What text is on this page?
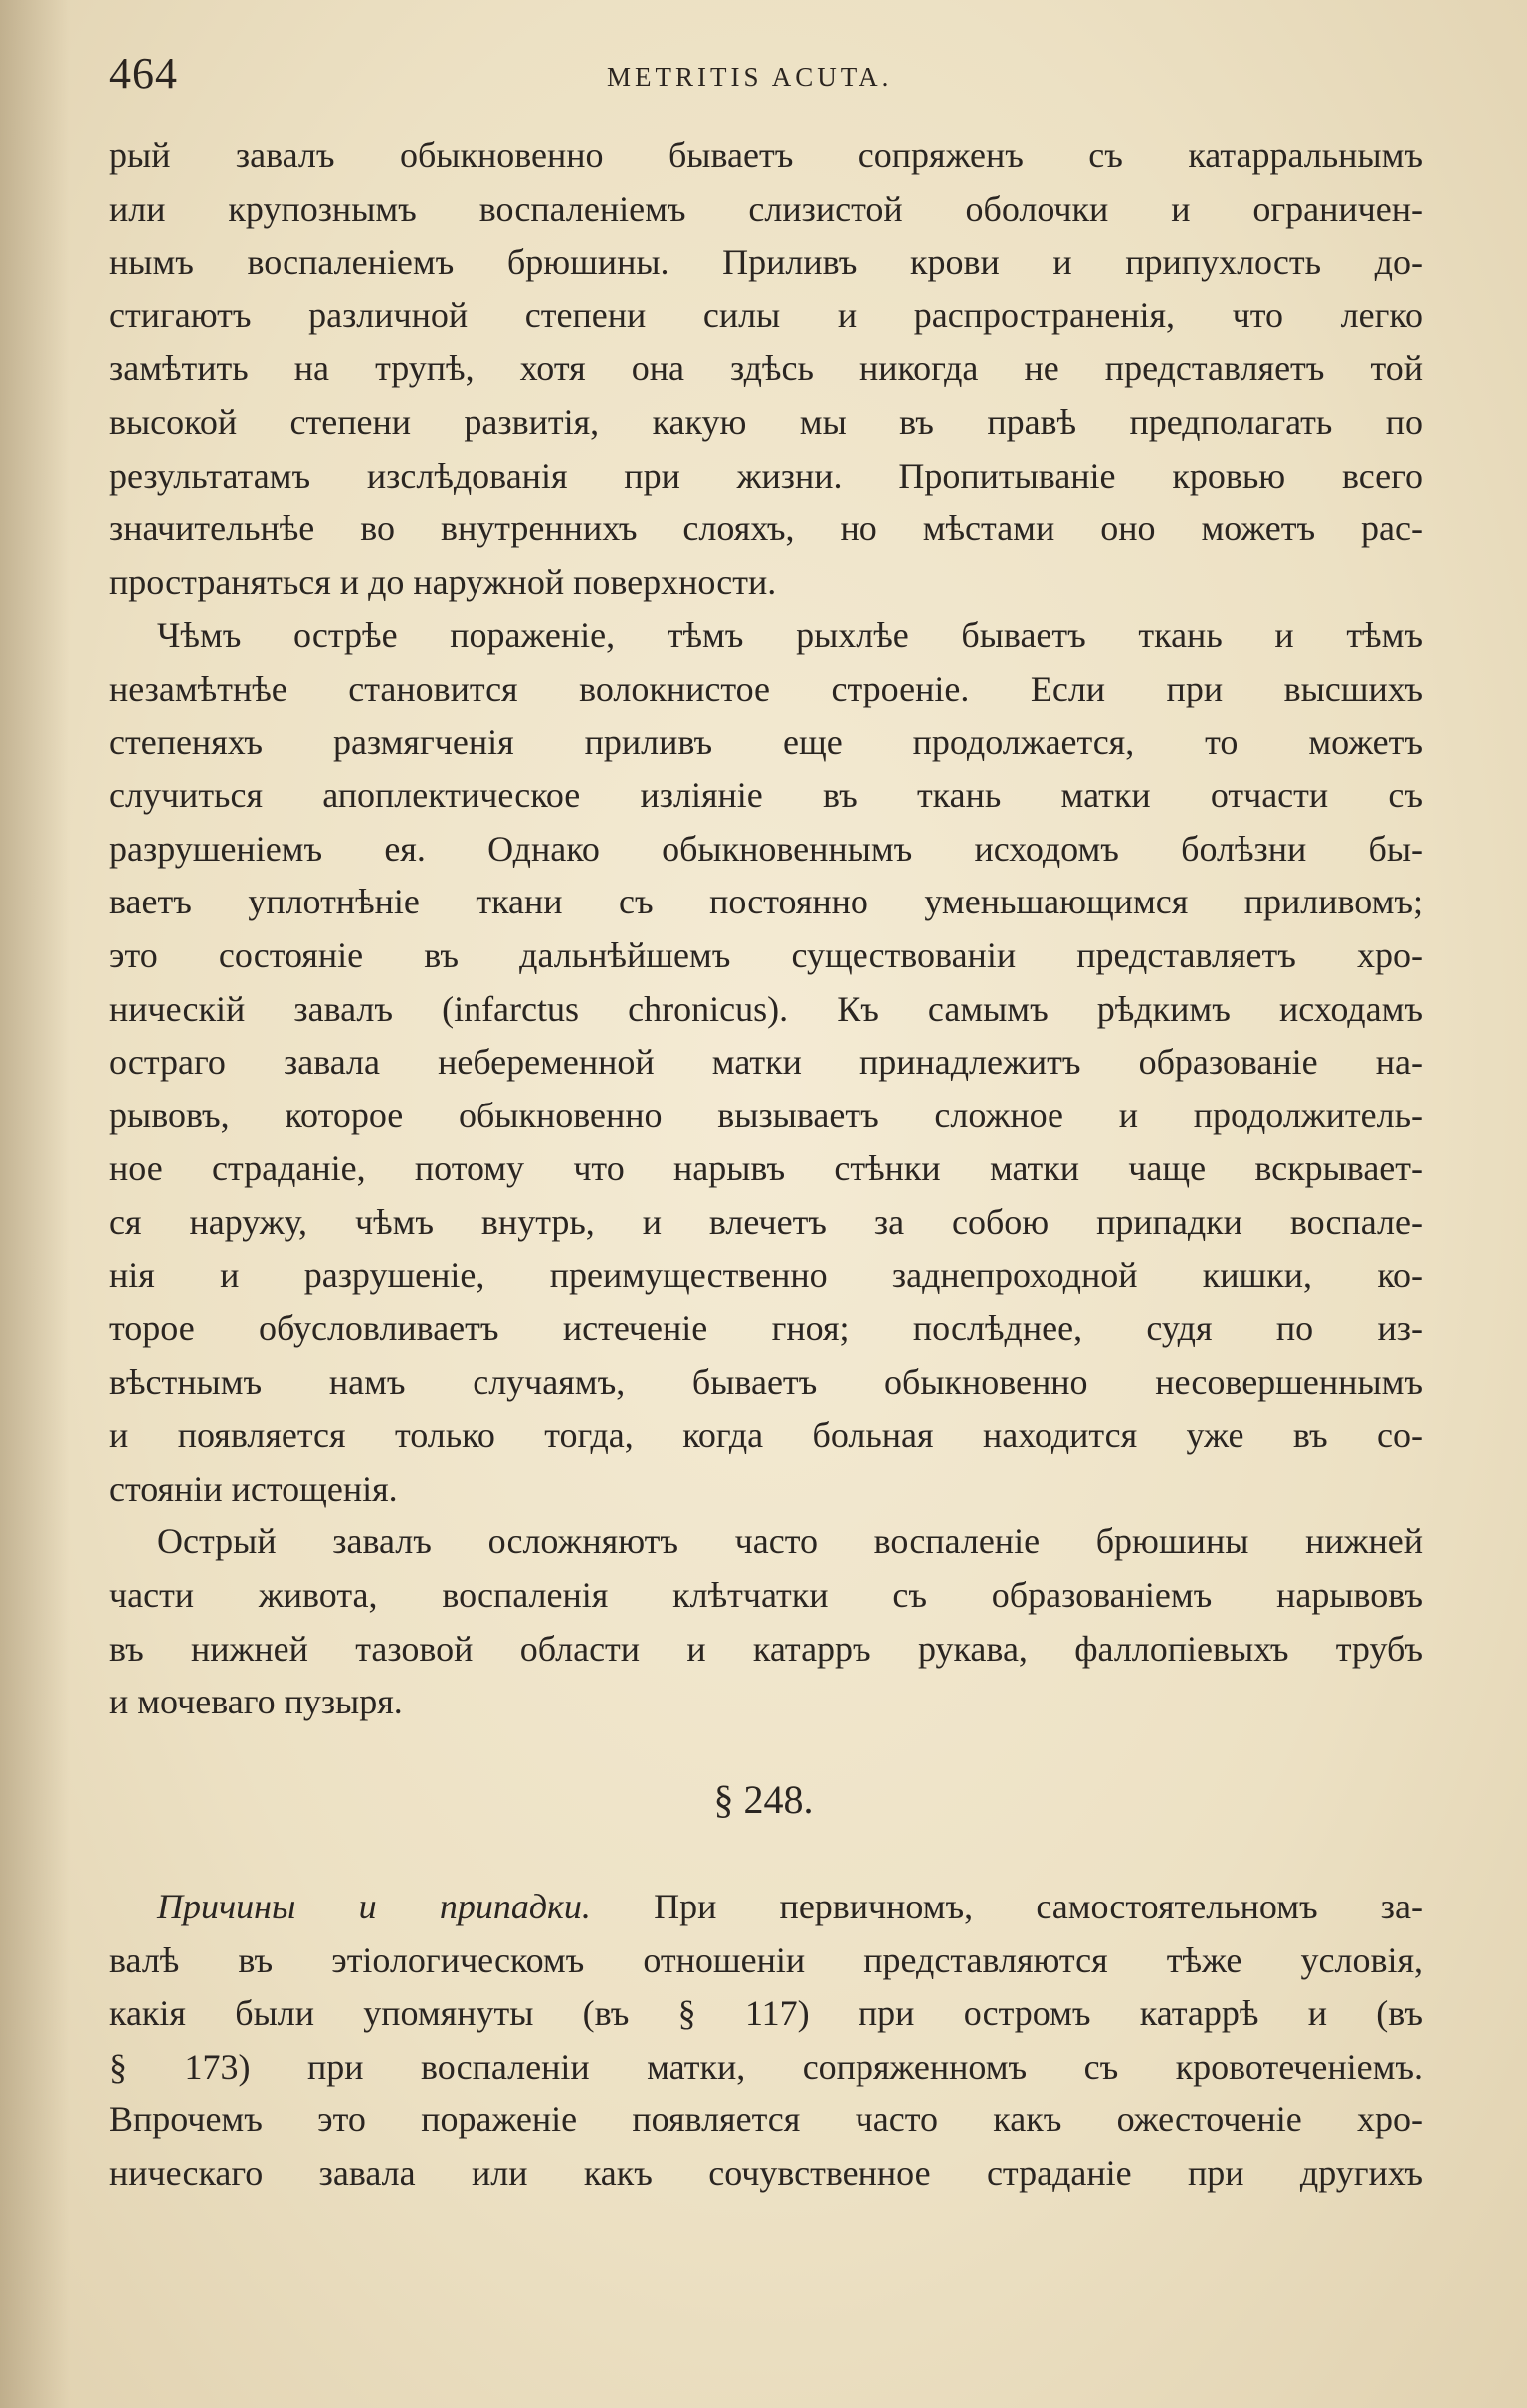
464	METRITIS ACUTA.
рый завалъ обыкновенно бываетъ сопряженъ съ катарральнымъ
или крупознымъ воспаленіемъ слизистой оболочки и ограничен-
нымъ воспаленіемъ брюшины. Приливъ крови и припухлость до-
стигаютъ различной степени силы и распространенія, что легко
замѣтить на трупѣ, хотя она здѣсь никогда не представляетъ той
высокой степени развитія, какую мы въ правѣ предполагать по
результатамъ изслѣдованія при жизни. Пропитываніе кровью всего
значительнѣе во внутреннихъ слояхъ, но мѣстами оно можетъ рас-
пространяться и до наружной поверхности.
Чѣмъ острѣе пораженіе, тѣмъ рыхлѣе бываетъ ткань и тѣмъ
незамѣтнѣе становится волокнистое строеніе. Если при высшихъ
степеняхъ размягченія приливъ еще продолжается, то можетъ
случиться апоплектическое изліяніе въ ткань матки отчасти съ
разрушеніемъ ея. Однако обыкновеннымъ исходомъ болѣзни бы-
ваетъ уплотнѣніе ткани съ постоянно уменьшающимся приливомъ;
это состояніе въ дальнѣйшемъ существованіи представляетъ хро-
ническій завалъ (infarctus chronicus). Къ самымъ рѣдкимъ исходамъ
остраго завала небеременной матки принадлежитъ образованіе на-
рывовъ, которое обыкновенно вызываетъ сложное и продолжитель-
ное страданіе, потому что нарывъ стѣнки матки чаще вскрывает-
ся наружу, чѣмъ внутрь, и влечетъ за собою припадки воспале-
нія и разрушеніе, преимущественно заднепроходной кишки, ко-
торое обусловливаетъ истеченіе гноя; послѣднее, судя по из-
вѣстнымъ намъ случаямъ, бываетъ обыкновенно несовершеннымъ
и появляется только тогда, когда больная находится уже въ со-
стояніи истощенія.
Острый завалъ осложняютъ часто воспаленіе брюшины нижней
части живота, воспаленія клѣтчатки съ образованіемъ нарывовъ
въ нижней тазовой области и катарръ рукава, фаллопіевыхъ трубъ
и мочеваго пузыря.
§ 248.
Причины и припадки. При первичномъ, самостоятельномъ за-
валѣ въ этіологическомъ отношеніи представляются тѣже условія,
какія были упомянуты (въ § 117) при остромъ катаррѣ и (въ
§ 173) при воспаленіи матки, сопряженномъ съ кровотеченіемъ.
Впрочемъ это пораженіе появляется часто какъ ожесточеніе хро-
ническаго завала или какъ сочувственное страданіе при другихъ
